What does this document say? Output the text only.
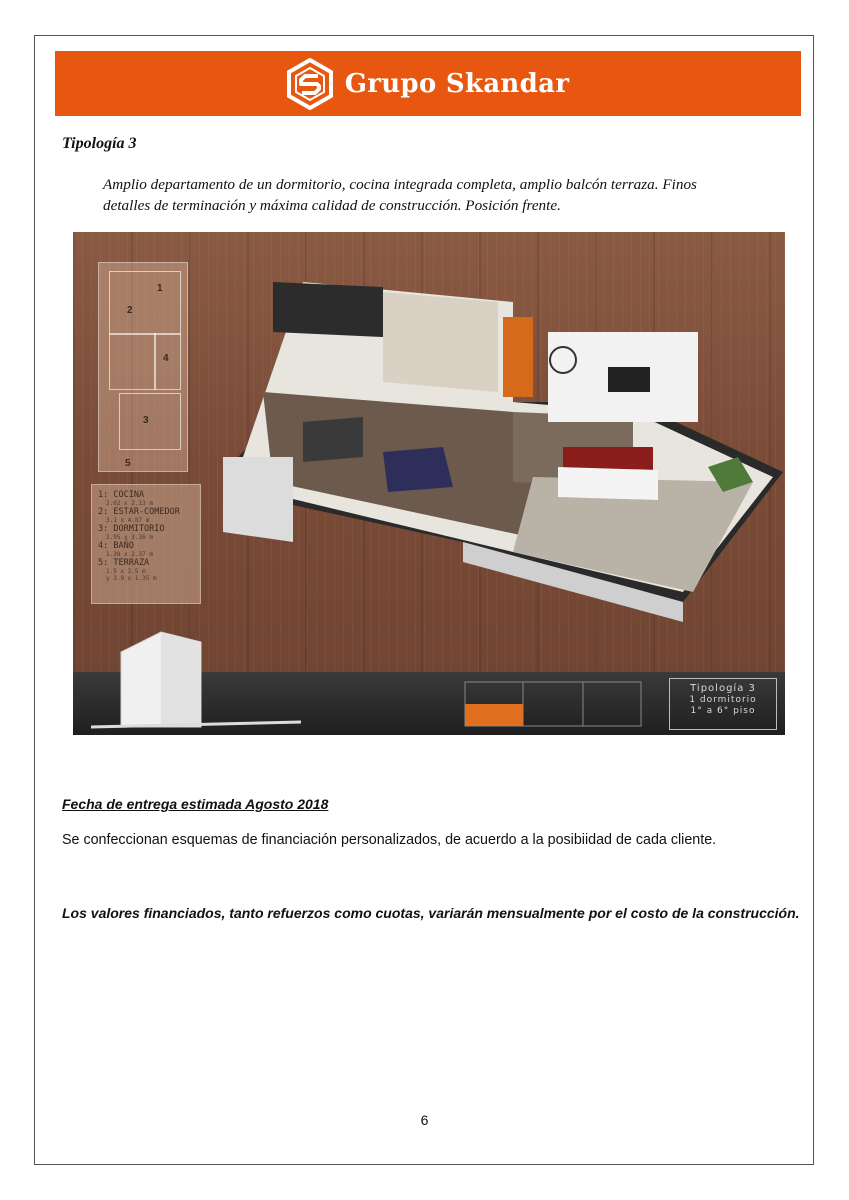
Grupo Skandar
Tipología 3
Amplio departamento de un dormitorio, cocina integrada completa, amplio balcón terraza. Finos
detalles de terminación y máxima calidad de construcción. Posición frente.
1
2
4
3
5
1: COCINA
2.02 x 2.13 m
2: ESTAR-COMEDOR
3.1 x 4.87 m
3: DORMITORIO
2.95 x 3.36 m
4: BAÑO
1.38 x 2.37 m
5: TERRAZA
1.5 x 2.5 m
y 3.9 x 1.35 m
Tipología 3
1 dormitorio
1° a 6° piso
Fecha de entrega estimada Agosto 2018
Se confeccionan esquemas de financiación personalizados, de acuerdo a la posibiidad de cada cliente.
Los valores financiados, tanto refuerzos como cuotas, variarán mensualmente por el costo de la construcción.
6
